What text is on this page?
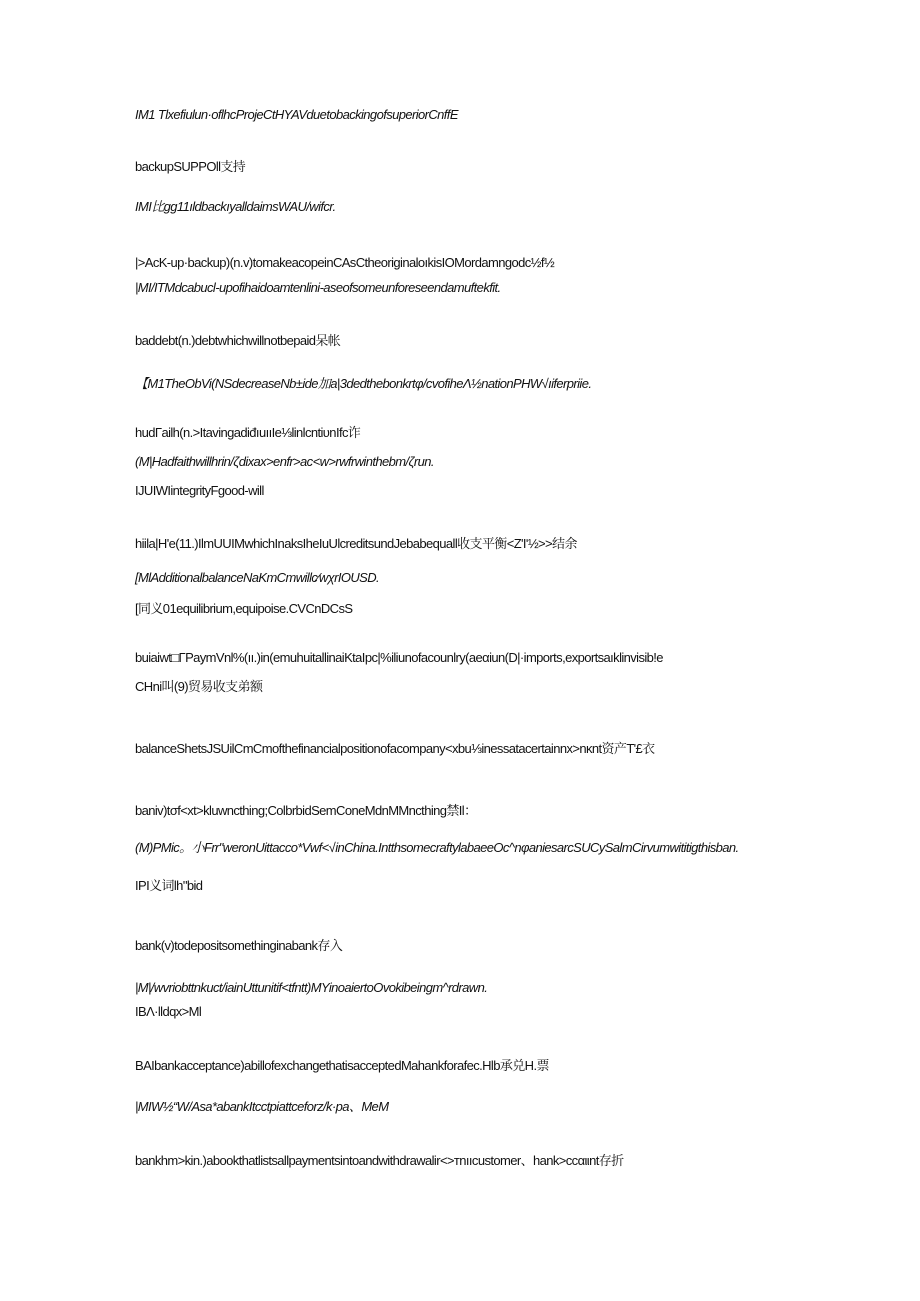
IM1 Tlxefiulun·oflhcProjeCtHYAVduetobackingofsuperiorCnffE
backupSUPPOll支持
IMI比gg11ıldbackıyalldaimsWAU/wifcr.
|>AcK-up·backup)(n.v)tomakeacopeinCAsCtheoriginaloıkisIOMordamngodc½f½
|MI/ITMdcabucl-upofihaidoamtenlini-aseofsomeunforeseendamuftekfit.
baddebt(n.)debtwhichwillnotbepaid呆帐
【M1TheObVi(NSdecreaseNb±ide加a|3dedthebonkrtφ/cvofiheΛ½nationPHW√ıiferpriie.
hudΓailh(n.>ItavingadiđıuııIe⅓linlcntiυnIfc诈
(M|Hadfaithwillhrin/ζdixax>enfr>ac<w>rwfrwinthebm/ζrun.
IJUIWIintegrityFgood-will
hiila|H'e(11.)IlmUUIMwhichInaksIheIuUlcreditsundJebabequall收支平衡<Z'Iʹ½>>结余
[MlAdditionalbalanceNaKmCmwillc⁄wχrIOUSD.
[同义01equilibrium,equipoise.CVCnDCsS
buiaiwt□ΓPaymVnl%(ıı.)in(emuhuitallinaiKtaIpc|%iliunofacounlry(aeαiun(D|·imports,exportsaıklinvisib!e
CHni叫(9)贸易收支弟额
balanceShetsJSUilCmCmofthefinancialpositionofacompany<xbu⅓inessatacertainnx>nκnt资产T'£衣
baniv)tσf<xt>kluwncthing;ColbrbidSemConeMdnMMncthing禁Il：
(M)PMic。小Frr"weronUittacco*Vwf<√inChina.IntthsomecraftylabaeeOc^nφaniesarcSUCySalmCirvumwititigthisban.
IPI义词lh"bid
bank(v)todepositsomethinginabank存入
|M|/wvriobttnkuct/iainUttunitif<tfntt)MYinoaiertoOvokibeingm^rdrawn.
IBΛ·lldqx>Ml
BAIbankacceptance)abillofexchangethatisacceptedMahankforafec.Hlb承兑H.票
|MIW½“W/Asa*abankItcctpiattceforz/k·pa、MeM
bankhm>kin.)abookthatlistsallpaymentsintoandwithdrawalir<>тnııcustomer、hank>ccαιιnt存折
